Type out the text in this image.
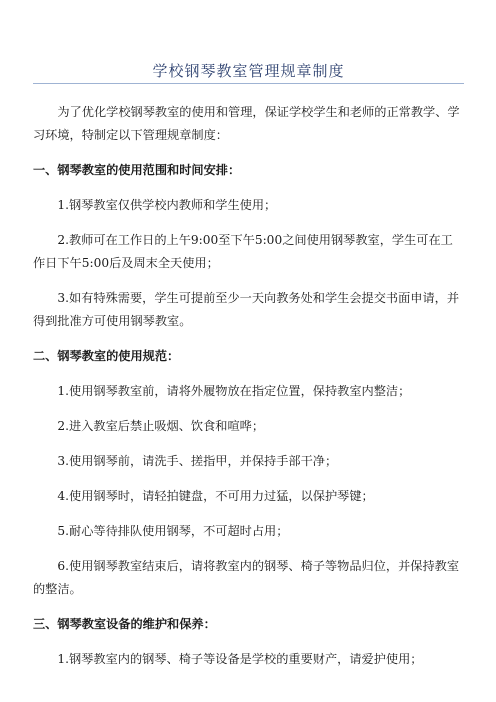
学校钢琴教室管理规章制度

为了优化学校钢琴教室的使用和管理，保证学校学生和老师的正常教学、学习环境，特制定以下管理规章制度：

一、钢琴教室的使用范围和时间安排：

1.钢琴教室仅供学校内教师和学生使用；

2.教师可在工作日的上午9:00至下午5:00之间使用钢琴教室，学生可在工作日下午5:00后及周末全天使用；

3.如有特殊需要，学生可提前至少一天向教务处和学生会提交书面申请，并得到批准方可使用钢琴教室。

二、钢琴教室的使用规范：

1.使用钢琴教室前，请将外履物放在指定位置，保持教室内整洁；

2.进入教室后禁止吸烟、饮食和喧哗；

3.使用钢琴前，请洗手、搓指甲，并保持手部干净；

4.使用钢琴时，请轻拍键盘，不可用力过猛，以保护琴键；

5.耐心等待排队使用钢琴，不可超时占用；

6.使用钢琴教室结束后，请将教室内的钢琴、椅子等物品归位，并保持教室的整洁。

三、钢琴教室设备的维护和保养：

1.钢琴教室内的钢琴、椅子等设备是学校的重要财产，请爱护使用；
